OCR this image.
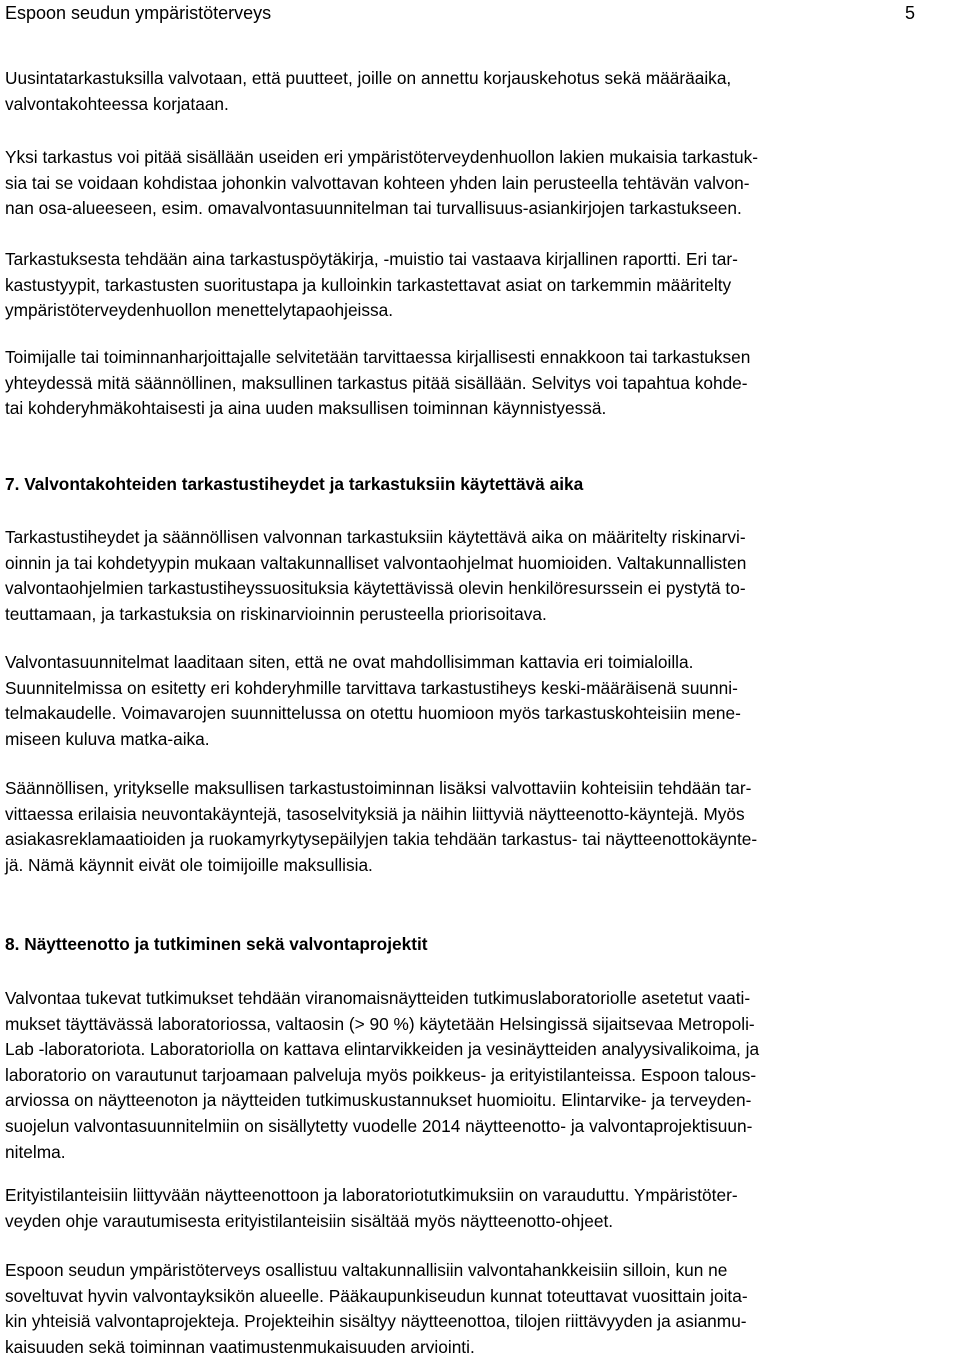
Espoon seudun ympäristöterveys	5

Uusintatarkastuksilla valvotaan, että puutteet, joille on annettu korjauskehotus sekä määräaika,
valvontakohteessa korjataan.

Yksi tarkastus voi pitää sisällään useiden eri ympäristöterveydenhuollon lakien mukaisia tarkastuk-
sia tai se voidaan kohdistaa johonkin valvottavan kohteen yhden lain perusteella tehtävän valvon-
nan osa-alueeseen, esim. omavalvontasuunnitelman tai turvallisuus-asiankirjojen tarkastukseen.

Tarkastuksesta tehdään aina tarkastuspöytäkirja, -muistio tai vastaava kirjallinen raportti. Eri tar-
kastustyypit, tarkastusten suoritustapa ja kulloinkin tarkastettavat asiat on tarkemmin määritelty
ympäristöterveydenhuollon menettelytapaohjeissa.

Toimijalle tai toiminnanharjoittajalle selvitetään tarvittaessa kirjallisesti ennakkoon tai tarkastuksen
yhteydessä mitä säännöllinen, maksullinen tarkastus pitää sisällään. Selvitys voi tapahtua kohde-
tai kohderyhmäkohtaisesti ja aina uuden maksullisen toiminnan käynnistyessä.

7. Valvontakohteiden tarkastustiheydet ja tarkastuksiin käytettävä aika

Tarkastustiheydet ja säännöllisen valvonnan tarkastuksiin käytettävä aika on määritelty riskinarvi-
oinnin ja tai kohdetyypin mukaan valtakunnalliset valvontaohjelmat huomioiden. Valtakunnallisten
valvontaohjelmien tarkastustiheyssuosituksia käytettävissä olevin henkilöresurssein ei pystytä to-
teuttamaan, ja tarkastuksia on riskinarvioinnin perusteella priorisoitava.

Valvontasuunnitelmat laaditaan siten, että ne ovat mahdollisimman kattavia eri toimialoilla.
Suunnitelmissa on esitetty eri kohderyhmille tarvittava tarkastustiheys keski-määräisenä suunni-
telmakaudelle. Voimavarojen suunnittelussa on otettu huomioon myös tarkastuskohteisiin mene-
miseen kuluva matka-aika.

Säännöllisen, yritykselle maksullisen tarkastustoiminnan lisäksi valvottaviin kohteisiin tehdään tar-
vittaessa erilaisia neuvontakäyntejä, tasoselvityksiä ja näihin liittyviä näytteenotto-käyntejä. Myös
asiakasreklamaatioiden ja ruokamyrkytysepäilyjen takia tehdään tarkastus- tai näytteenottokäynte-
jä. Nämä käynnit eivät ole toimijoille maksullisia.

8. Näytteenotto ja tutkiminen sekä valvontaprojektit

Valvontaa tukevat tutkimukset tehdään viranomaisnäytteiden tutkimuslaboratoriolle asetetut vaati-
mukset täyttävässä laboratoriossa, valtaosin (> 90 %) käytetään Helsingissä sijaitsevaa Metropoli-
Lab -laboratoriota. Laboratoriolla on kattava elintarvikkeiden ja vesinäytteiden analyysivalikoima, ja
laboratorio on varautunut tarjoamaan palveluja myös poikkeus- ja erityistilanteissa. Espoon talous-
arviossa on näytteenoton ja näytteiden tutkimuskustannukset huomioitu. Elintarvike- ja terveyden-
suojelun valvontasuunnitelmiin on sisällytetty vuodelle 2014 näytteenotto- ja valvontaprojektisuun-
nitelma.

Erityistilanteisiin liittyvään näytteenottoon ja laboratoriotutkimuksiin on varauduttu. Ympäristöter-
veyden ohje varautumisesta erityistilanteisiin sisältää myös näytteenotto-ohjeet.

Espoon seudun ympäristöterveys osallistuu valtakunnallisiin valvontahankkeisiin silloin, kun ne
soveltuvat hyvin valvontayksikön alueelle. Pääkaupunkiseudun kunnat toteuttavat vuosittain joita-
kin yhteisiä valvontaprojekteja. Projekteihin sisältyy näytteenottoa, tilojen riittävyyden ja asianmu-
kaisuuden sekä toiminnan vaatimustenmukaisuuden arviointi.
